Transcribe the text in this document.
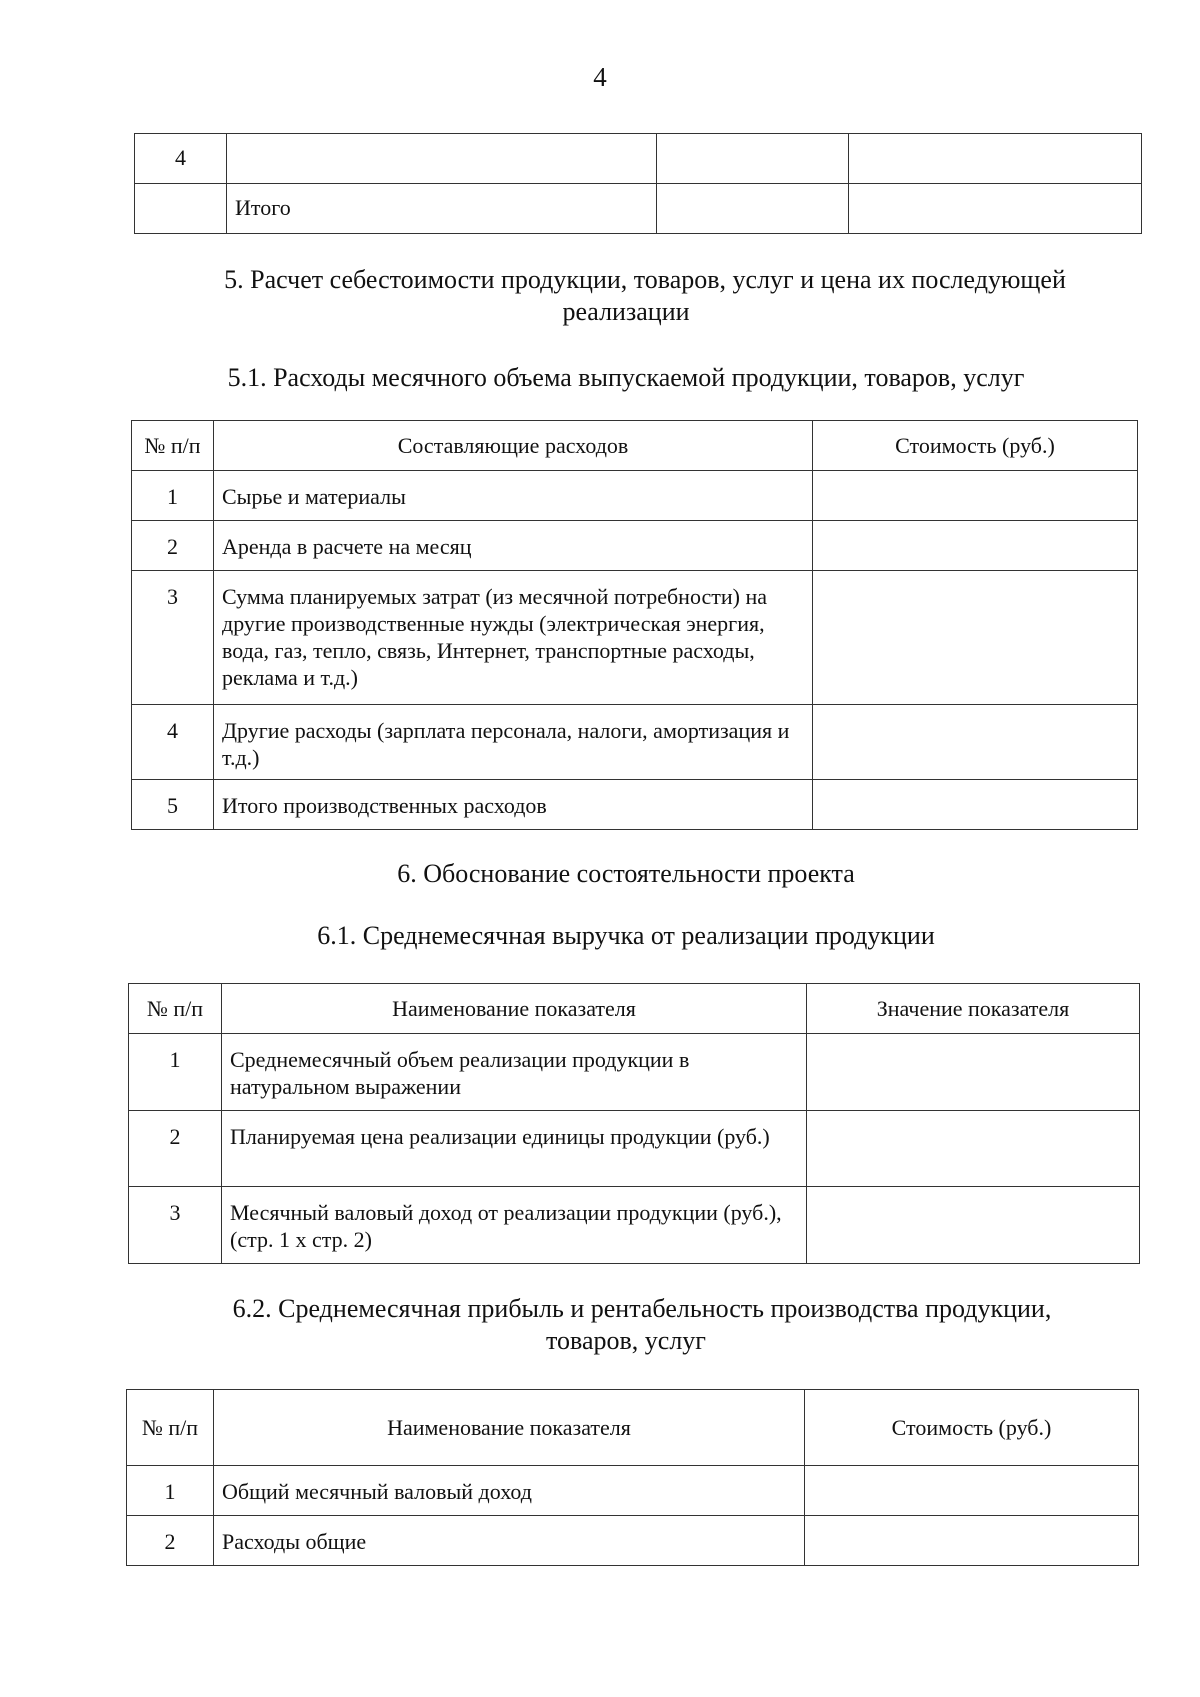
4
4			
	Итого		
5. Расчет себестоимости продукции, товаров, услуг и цена их последующей
реализации
5.1. Расходы месячного объема выпускаемой продукции, товаров, услуг
№ п/п	Составляющие расходов	Стоимость (руб.)
1	Сырье и материалы	
2	Аренда в расчете на месяц	
3	Сумма планируемых затрат (из месячной потребности) на другие производственные нужды (электрическая энергия, вода, газ, тепло, связь, Интернет, транспортные расходы, реклама и т.д.)	
4	Другие расходы (зарплата персонала, налоги, амортизация и т.д.)	
5	Итого производственных расходов	
6. Обоснование состоятельности проекта
6.1. Среднемесячная выручка от реализации продукции
№ п/п	Наименование показателя	Значение показателя
1	Среднемесячный объем реализации продукции в натуральном выражении	
2	Планируемая цена реализации единицы продукции (руб.)	
3	Месячный валовый доход от реализации продукции (руб.), (стр. 1 х стр. 2)	
6.2. Среднемесячная прибыль и рентабельность производства продукции,
товаров, услуг
№ п/п	Наименование показателя	Стоимость (руб.)
1	Общий месячный валовый доход	
2	Расходы общие	
